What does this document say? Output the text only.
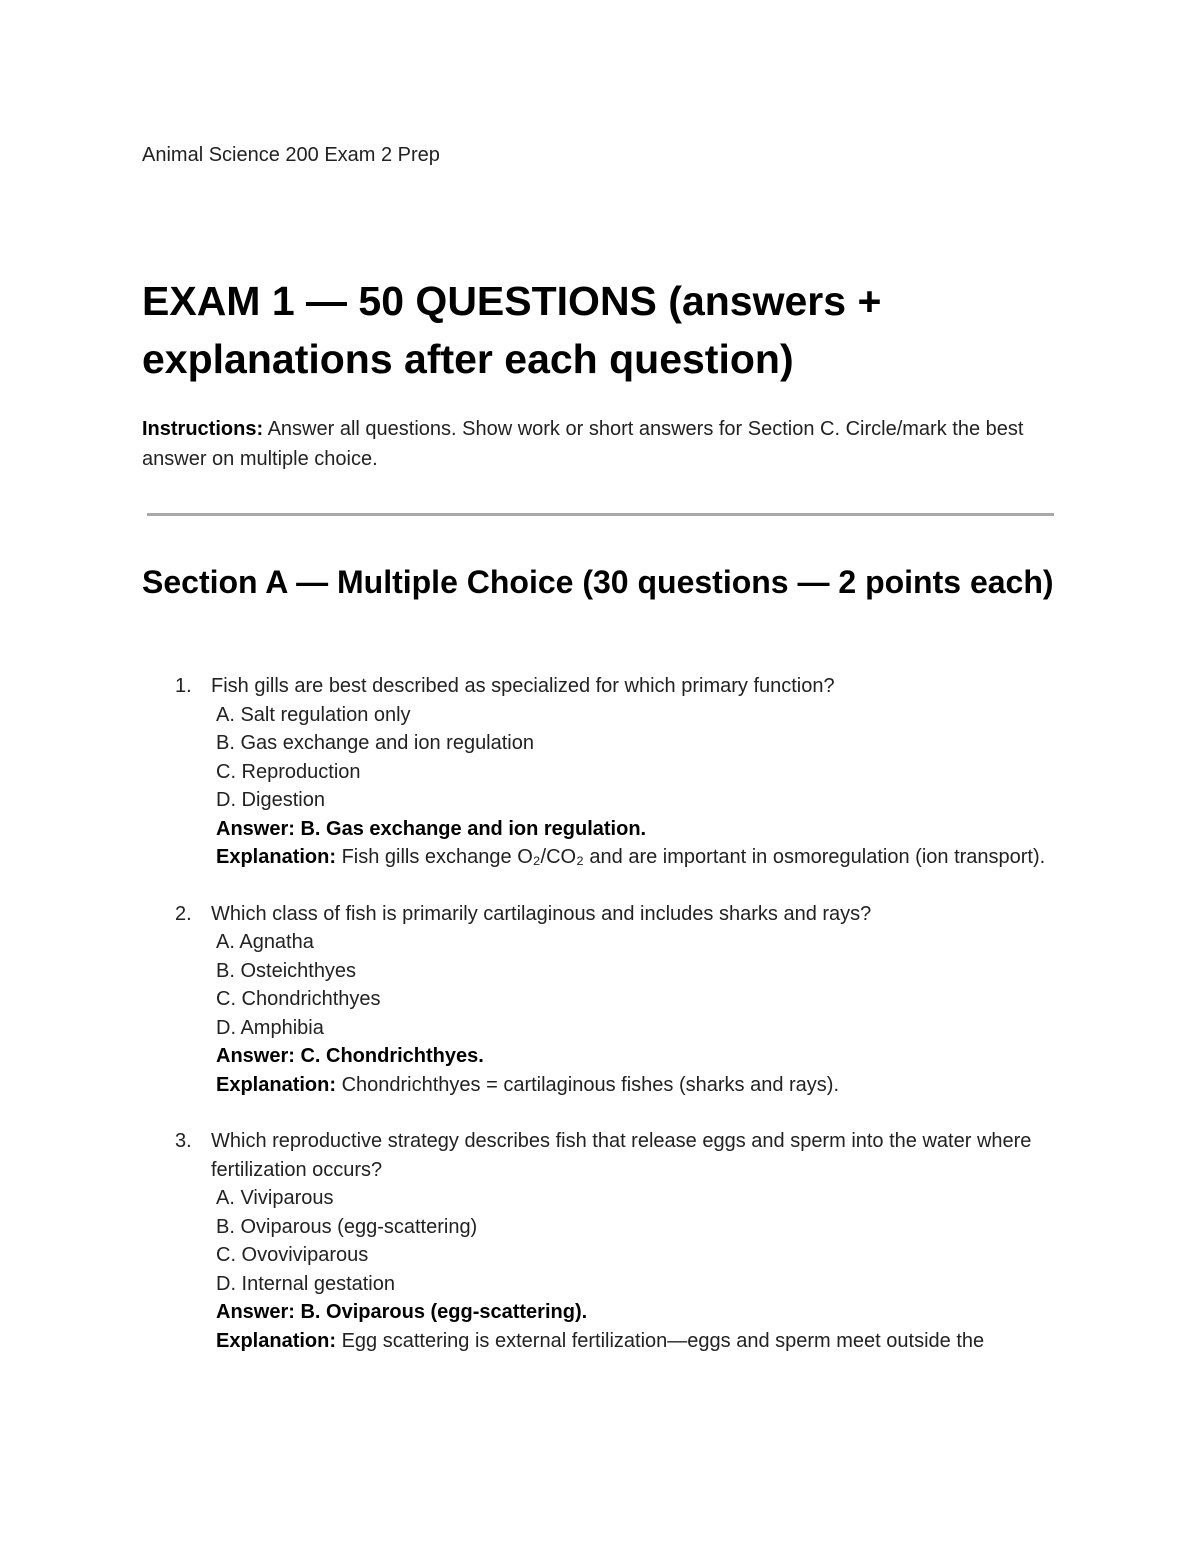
Animal Science 200 Exam 2 Prep

EXAM 1 — 50 QUESTIONS (answers + explanations after each question)

Instructions: Answer all questions. Show work or short answers for Section C. Circle/mark the best answer on multiple choice.

Section A — Multiple Choice (30 questions — 2 points each)
1. Fish gills are best described as specialized for which primary function?

A. Salt regulation only

B. Gas exchange and ion regulation

C. Reproduction

D. Digestion

Answer: B. Gas exchange and ion regulation.

Explanation: Fish gills exchange O₂/CO₂ and are important in osmoregulation (ion transport).

2. Which class of fish is primarily cartilaginous and includes sharks and rays?

A. Agnatha

B. Osteichthyes

C. Chondrichthyes

D. Amphibia

Answer: C. Chondrichthyes.

Explanation: Chondrichthyes = cartilaginous fishes (sharks and rays).

3. Which reproductive strategy describes fish that release eggs and sperm into the water where fertilization occurs?

A. Viviparous

B. Oviparous (egg-scattering)

C. Ovoviviparous

D. Internal gestation

Answer: B. Oviparous (egg-scattering).

Explanation: Egg scattering is external fertilization—eggs and sperm meet outside the
